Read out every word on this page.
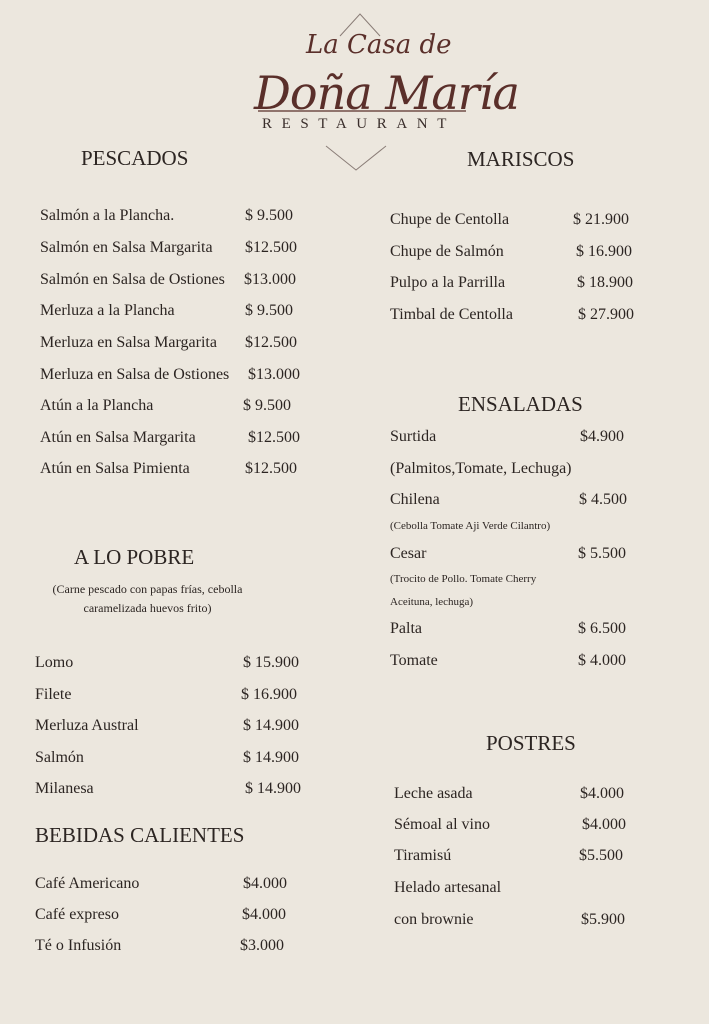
La Casa de
Doña María
RESTAURANT
PESCADOS
Salmón a la Plancha.	$ 9.500
Salmón en Salsa Margarita $12.500
Salmón en Salsa de Ostiones $13.000
Merluza a la Plancha	$ 9.500
Merluza en Salsa Margarita $12.500
Merluza en Salsa de Ostiones $13.000
Atún a la Plancha	$ 9.500
Atún en Salsa Margarita	$12.500
Atún en Salsa Pimienta	$12.500
A LO POBRE
(Carne pescado con papas frías, cebolla
caramelizada huevos frito)
Lomo	$ 15.900
Filete	$ 16.900
Merluza Austral	$ 14.900
Salmón	$ 14.900
Milanesa	$ 14.900
BEBIDAS CALIENTES
Café Americano	$4.000
Café expreso	$4.000
Té o Infusión	$3.000
MARISCOS
Chupe de Centolla	$ 21.900
Chupe de Salmón	$ 16.900
Pulpo a la Parrilla	$ 18.900
Timbal de Centolla	$ 27.900
ENSALADAS
Surtida	$4.900
(Palmitos,Tomate, Lechuga)
Chilena	$ 4.500
(Cebolla Tomate Aji Verde Cilantro)
Cesar	$ 5.500
(Trocito de Pollo. Tomate Cherry
Aceituna, lechuga)
Palta	$ 6.500
Tomate	$ 4.000
POSTRES
Leche asada	$4.000
Sémoal al vino	$4.000
Tiramisú	$5.500
Helado artesanal
con brownie	$5.900
